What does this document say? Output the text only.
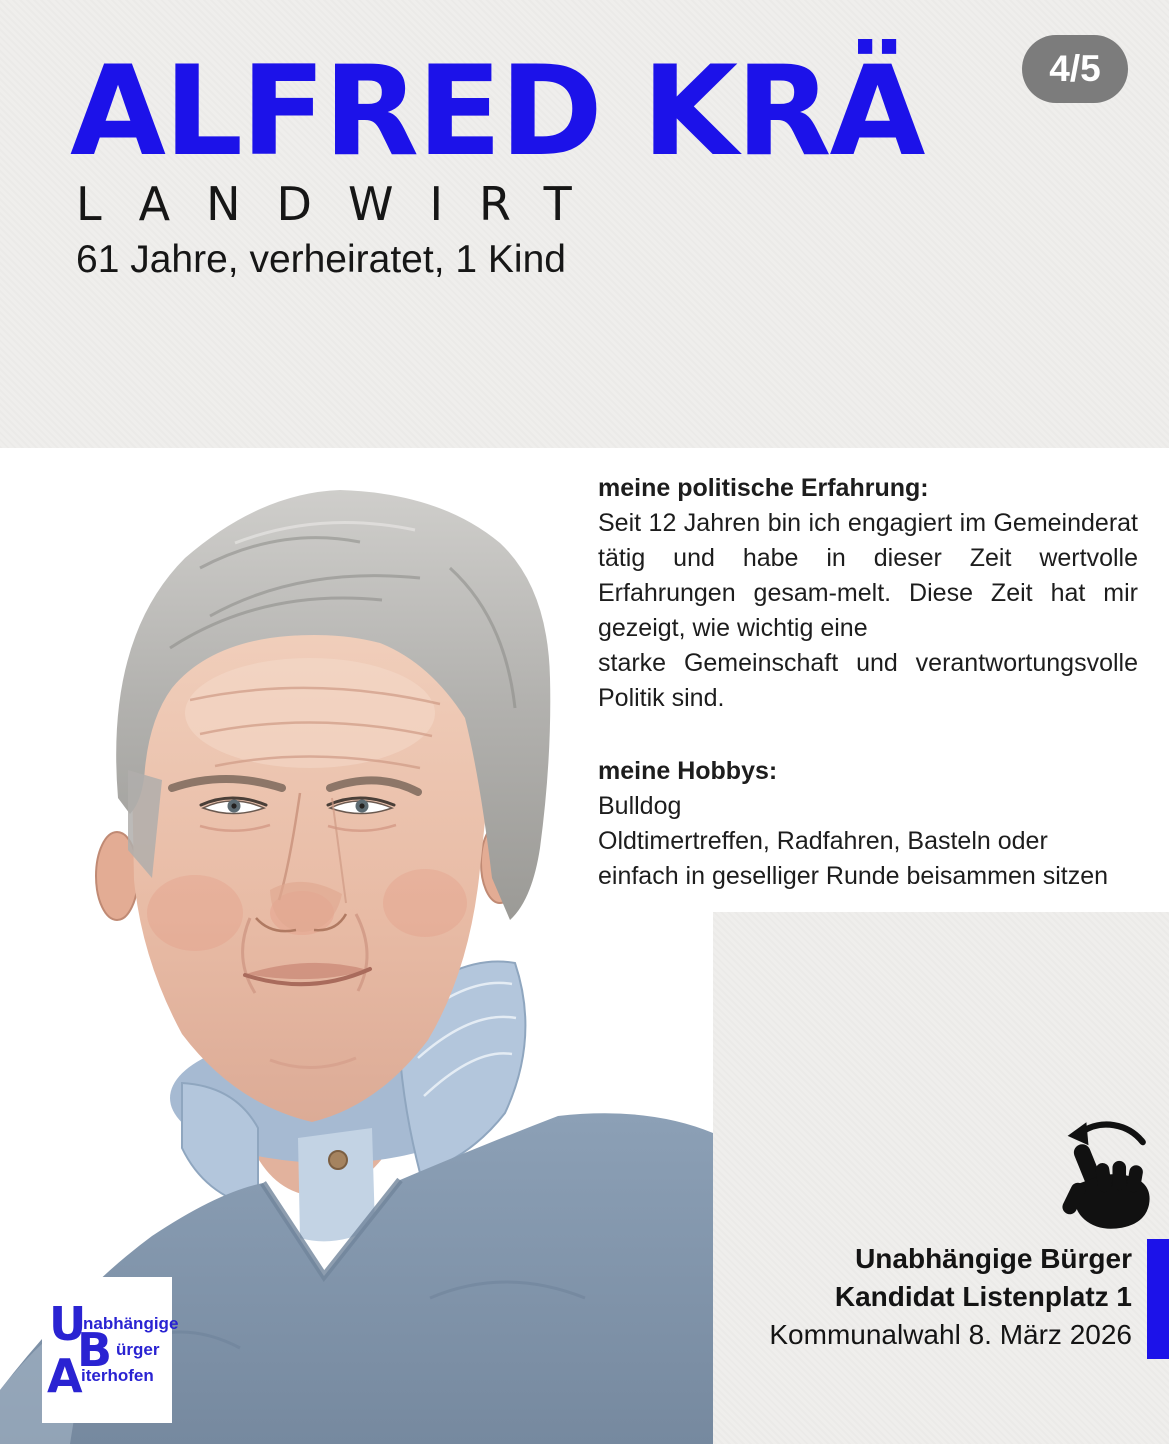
4/5
ALFRED KRÄ
LANDWIRT
61 Jahre, verheiratet, 1 Kind
meine politische Erfahrung:
Seit 12 Jahren bin ich engagiert im Gemeinderat
tätig und habe in dieser Zeit wertvolle
Erfahrungen gesam-melt. Diese Zeit hat mir
gezeigt, wie wichtig eine
starke Gemeinschaft und verantwortungsvolle
Politik sind.
meine Hobbys:
Bulldog
Oldtimertreffen, Radfahren, Basteln oder
einfach in geselliger Runde beisammen sitzen
Unabhängige Bürger
Kandidat Listenplatz 1
Kommunalwahl 8. März 2026
U
nabhängige
B ürger
A
iterhofen
